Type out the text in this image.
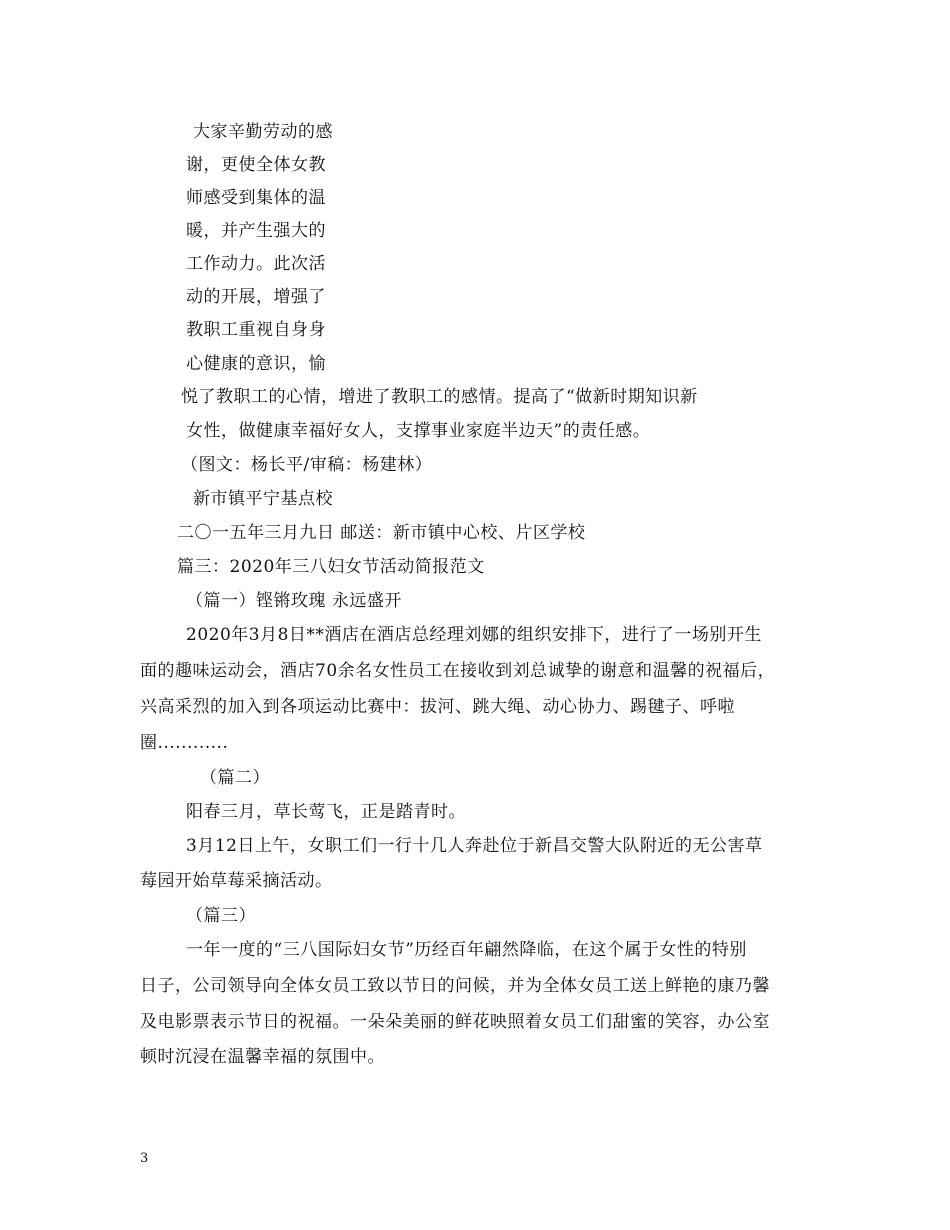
大家辛勤劳动的感
谢，更使全体女教
师感受到集体的温
暖，并产生强大的
工作动力。此次活
动的开展，增强了
教职工重视自身身
心健康的意识，愉
悦了教职工的心情，增进了教职工的感情。提高了“做新时期知识新
女性，做健康幸福好女人，支撑事业家庭半边天”的责任感。
（图文：杨长平/审稿：杨建林）
新市镇平宁基点校
二〇一五年三月九日 邮送：新市镇中心校、片区学校
篇三：2020年三八妇女节活动简报范文
（篇一）铿锵玫瑰 永远盛开
2020年3月8日**酒店在酒店总经理刘娜的组织安排下，进行了一场别开生
面的趣味运动会，酒店70余名女性员工在接收到刘总诚挚的谢意和温馨的祝福后，
兴高采烈的加入到各项运动比赛中：拔河、跳大绳、动心协力、踢毽子、呼啦
圈............
（篇二）
阳春三月，草长莺飞，正是踏青时。
3月12日上午，女职工们一行十几人奔赴位于新昌交警大队附近的无公害草
莓园开始草莓采摘活动。
（篇三）
一年一度的“三八国际妇女节”历经百年翩然降临，在这个属于女性的特别
日子，公司领导向全体女员工致以节日的问候，并为全体女员工送上鲜艳的康乃馨
及电影票表示节日的祝福。一朵朵美丽的鲜花映照着女员工们甜蜜的笑容，办公室
顿时沉浸在温馨幸福的氛围中。
3
